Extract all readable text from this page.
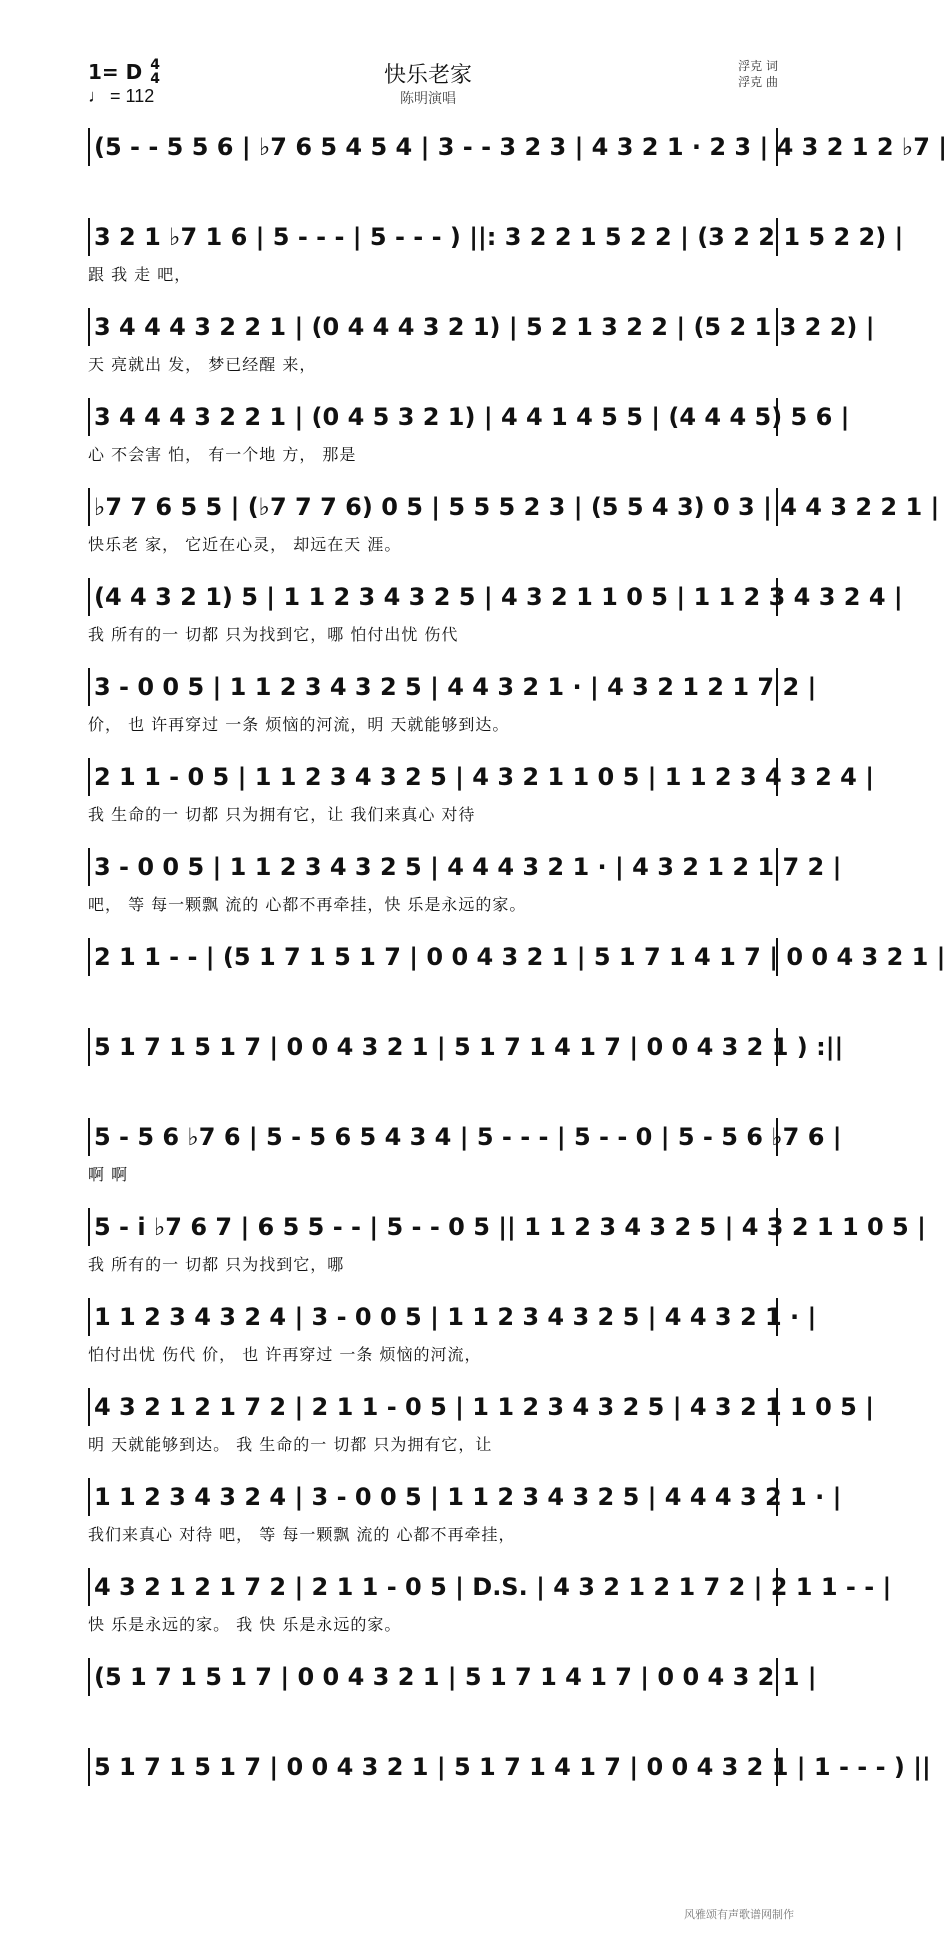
1= D 4
4
♩ = 112
快乐老家
陈明演唱
浮克 词
浮克 曲
(5 - - 5 5 6 | ♭7 6 5 4 5 4 | 3 - - 3 2 3 | 4 3 2 1 · 2 3 | 4 3 2 1 2 ♭7 |
3 2 1 ♭7 1 6 | 5 - - - | 5 - - - ) ||: 3 2 2 1 5 2 2 | (3 2 2 1 5 2 2) |
跟 我 走 吧，
3 4 4 4 3 2 2 1 | (0 4 4 4 3 2 1) | 5 2 1 3 2 2 | (5 2 1 3 2 2) |
天 亮就出 发， 梦已经醒 来，
3 4 4 4 3 2 2 1 | (0 4 5 3 2 1) | 4 4 1 4 5 5 | (4 4 4 5) 5 6 |
心 不会害 怕， 有一个地 方， 那是
♭7 7 6 5 5 | (♭7 7 7 6) 0 5 | 5 5 5 2 3 | (5 5 4 3) 0 3 | 4 4 3 2 2 1 |
快乐老 家， 它近在心灵， 却远在天 涯。
(4 4 3 2 1) 5 | 1 1 2 3 4 3 2 5 | 4 3 2 1 1 0 5 | 1 1 2 3 4 3 2 4 |
我 所有的一 切都 只为找到它，哪 怕付出忧 伤代
3 - 0 0 5 | 1 1 2 3 4 3 2 5 | 4 4 3 2 1 · | 4 3 2 1 2 1 7 2 |
价， 也 许再穿过 一条 烦恼的河流，明 天就能够到达。
2 1 1 - 0 5 | 1 1 2 3 4 3 2 5 | 4 3 2 1 1 0 5 | 1 1 2 3 4 3 2 4 |
我 生命的一 切都 只为拥有它，让 我们来真心 对待
3 - 0 0 5 | 1 1 2 3 4 3 2 5 | 4 4 4 3 2 1 · | 4 3 2 1 2 1 7 2 |
吧， 等 每一颗飘 流的 心都不再牵挂，快 乐是永远的家。
2 1 1 - - | (5 1 7 1 5 1 7 | 0 0 4 3 2 1 | 5 1 7 1 4 1 7 | 0 0 4 3 2 1 |
5 1 7 1 5 1 7 | 0 0 4 3 2 1 | 5 1 7 1 4 1 7 | 0 0 4 3 2 1 ) :||
5 - 5 6 ♭7 6 | 5 - 5 6 5 4 3 4 | 5 - - - | 5 - - 0 | 5 - 5 6 ♭7 6 |
啊 啊
5 - i ♭7 6 7 | 6 5 5 - - | 5 - - 0 5 || 1 1 2 3 4 3 2 5 | 4 3 2 1 1 0 5 |
我 所有的一 切都 只为找到它，哪
1 1 2 3 4 3 2 4 | 3 - 0 0 5 | 1 1 2 3 4 3 2 5 | 4 4 3 2 1 · |
怕付出忧 伤代 价， 也 许再穿过 一条 烦恼的河流，
4 3 2 1 2 1 7 2 | 2 1 1 - 0 5 | 1 1 2 3 4 3 2 5 | 4 3 2 1 1 0 5 |
明 天就能够到达。 我 生命的一 切都 只为拥有它，让
1 1 2 3 4 3 2 4 | 3 - 0 0 5 | 1 1 2 3 4 3 2 5 | 4 4 4 3 2 1 · |
我们来真心 对待 吧， 等 每一颗飘 流的 心都不再牵挂，
4 3 2 1 2 1 7 2 | 2 1 1 - 0 5 | D.S. | 4 3 2 1 2 1 7 2 | 2 1 1 - - |
快 乐是永远的家。 我 快 乐是永远的家。
(5 1 7 1 5 1 7 | 0 0 4 3 2 1 | 5 1 7 1 4 1 7 | 0 0 4 3 2 1 |
5 1 7 1 5 1 7 | 0 0 4 3 2 1 | 5 1 7 1 4 1 7 | 0 0 4 3 2 1 | 1 - - - ) ||
风雅颂有声歌谱网制作
